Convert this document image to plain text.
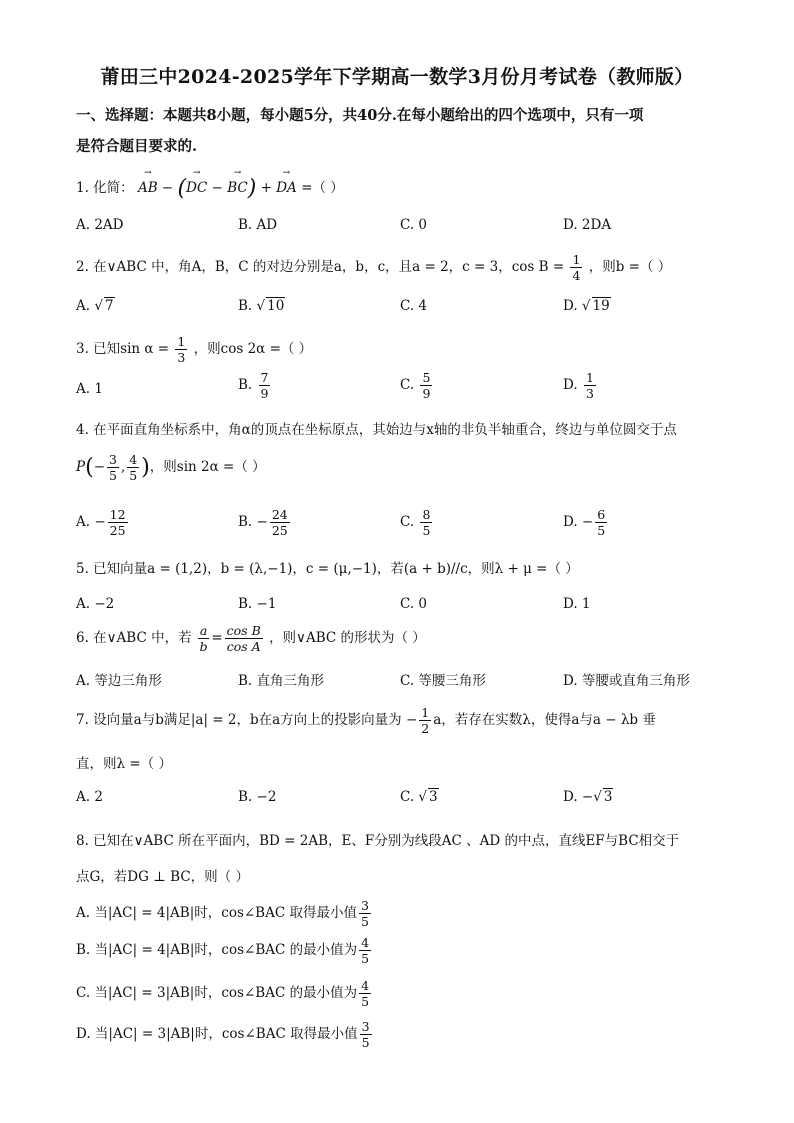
莆田三中2024-2025学年下学期高一数学3月份月考试卷（教师版）
一、选择题：本题共8小题，每小题5分，共40分.在每小题给出的四个选项中，只有一项
是符合题目要求的.
1. 化简： → AB − (→ DC − → BC) + → DA =（ ）
A. 2AD	B. AD	C. 0	D. 2DA
2. 在∨ABC 中，角A，B，C 的对边分别是a，b，c，且a = 2，c = 3，$\cos B = \frac{1}{4}$ ，则b =（ ）
A. √ 7	B. √ 10	C. 4	D. √ 19
3. 已知$\sin \alpha = \frac{1}{3}$ ，则cos 2α =（ ）
A. 1	B. $\frac{7}{9}$	C. $\frac{5}{9}$	D. $\frac{1}{3}$
4. 在平面直角坐标系中，角α的顶点在坐标原点，其始边与x轴的非负半轴重合，终边与单位圆交于点
$P(- \frac{3}{5}$ , $\frac{4}{5}$ )，则sin 2α =（ ）
A. − $\frac{12}{25}$	B. − $\frac{24}{25}$	C. $\frac{8}{5}$	D. − $\frac{6}{5}$
5. 已知向量a = (1,2)，b = (λ,−1)，c = (μ,−1)，若(a + b)//c，则λ + μ =（ ）
A. −2	B. −1	C. 0	D. 1
6. 在∨ABC 中，若 $\frac{a}{b} = \frac{\text{cos B}}{\text{cos A}}$ ，则∨ABC 的形状为（ ）
A. 等边三角形	B. 直角三角形	C. 等腰三角形	D. 等腰或直角三角形
7. 设向量a与b满足|a| = 2，b在a方向上的投影向量为 − $\frac{1}{2}$ a，若存在实数λ，使得a与a − λb 垂
直，则λ =（ ）
A. 2	B. −2	C. √ 3	D. −√ 3
8. 已知在∨ABC 所在平面内，BD = 2AB，E、F分别为线段AC 、AD 的中点，直线EF与BC相交于
点G，若DG ⊥ BC，则（ ）
A. 当|AC| = 4|AB|时，cos∠BAC 取得最小值 $\frac{3}{5}$
B. 当|AC| = 4|AB|时，cos∠BAC 的最小值为 $\frac{4}{5}$
C. 当|AC| = 3|AB|时，cos∠BAC 的最小值为 $\frac{4}{5}$
D. 当|AC| = 3|AB|时，cos∠BAC 取得最小值 $\frac{3}{5}$
